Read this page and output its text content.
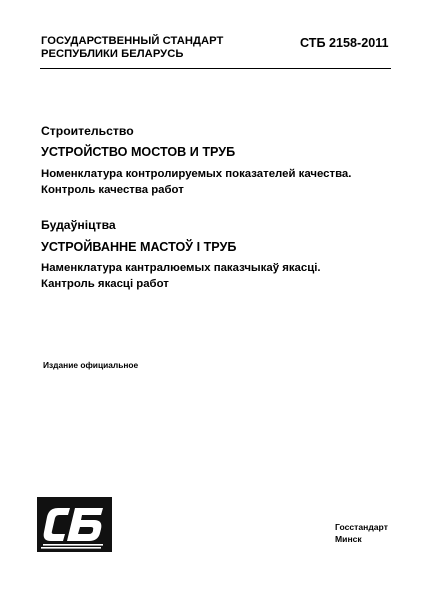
ГОСУДАРСТВЕННЫЙ СТАНДАРТ
РЕСПУБЛИКИ БЕЛАРУСЬ
СТБ 2158-2011
Строительство
УСТРОЙСТВО МОСТОВ И ТРУБ
Номенклатура контролируемых показателей качества.
Контроль качества работ
Будаўніцтва
УСТРОЙВАННЕ МАСТОЎ І ТРУБ
Наменклатура кантралюемых паказчыкаў якасці.
Кантроль якасці работ
Издание официальное
Госстандарт
Минск
